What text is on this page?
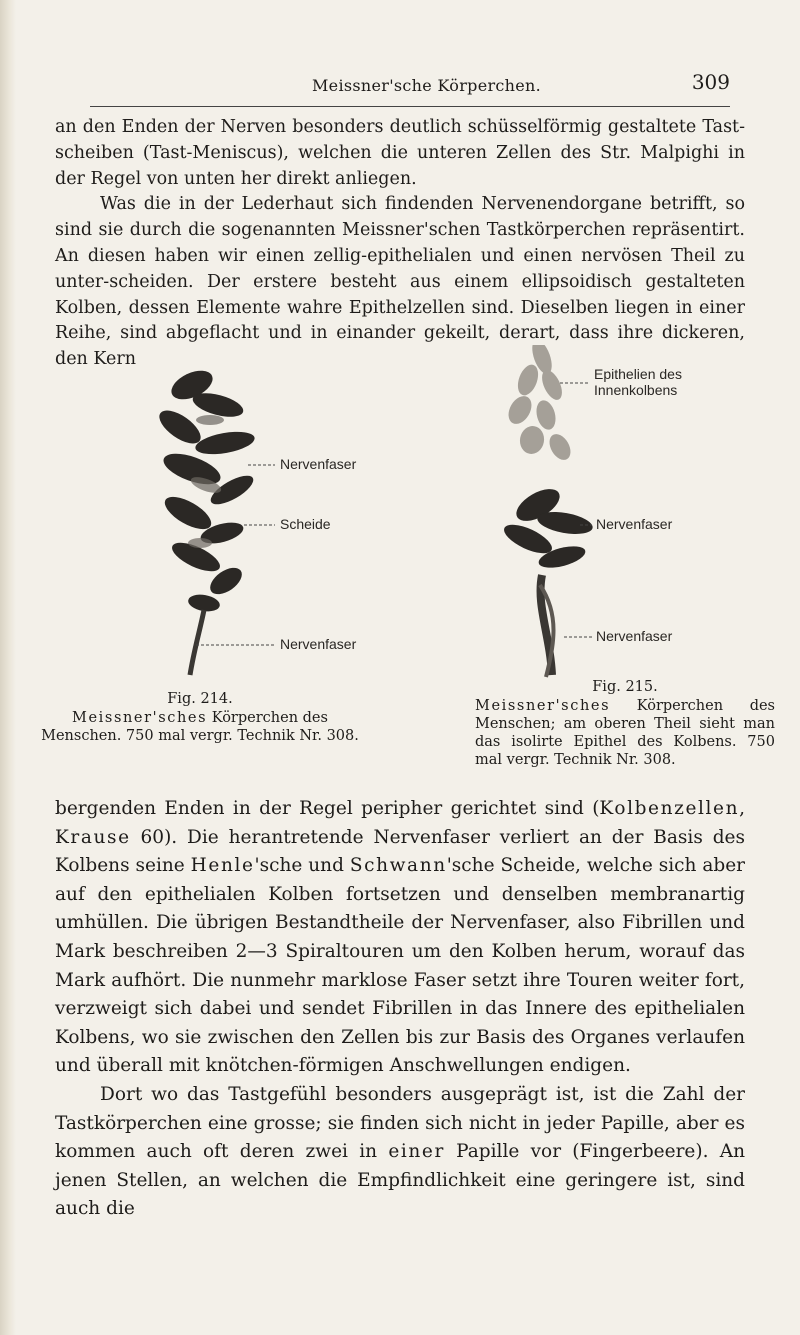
Meissner'sche Körperchen.	309

an den Enden der Nerven besonders deutlich schüsselförmig gestaltete Tast-scheiben (Tast-Meniscus), welchen die unteren Zellen des Str. Malpighi in der Regel von unten her direkt anliegen.

Was die in der Lederhaut sich findenden Nervenendorgane betrifft, so sind sie durch die sogenannten Meissner'schen Tastkörperchen repräsentirt. An diesen haben wir einen zellig-epithelialen und einen nervösen Theil zu unter-scheiden. Der erstere besteht aus einem ellipsoidisch gestalteten Kolben, dessen Elemente wahre Epithelzellen sind. Dieselben liegen in einer Reihe, sind abgeflacht und in einander gekeilt, derart, dass ihre dickeren, den Kern

Nervenfaser
Scheide
Nervenfaser
Fig. 214.
Meissner'sches Körperchen des Menschen. 750 mal vergr. Technik Nr. 308.
Epithelien des Innenkolbens
Nervenfaser
Nervenfaser
Fig. 215.
Meissner'sches Körperchen des Menschen; am oberen Theil sieht man das isolirte Epithel des Kolbens. 750 mal vergr. Technik Nr. 308.

bergenden Enden in der Regel peripher gerichtet sind (Kolbenzellen, Krause 60). Die herantretende Nervenfaser verliert an der Basis des Kolbens seine Henle'sche und Schwann'sche Scheide, welche sich aber auf den epithelialen Kolben fortsetzen und denselben membranartig umhüllen. Die übrigen Bestandtheile der Nervenfaser, also Fibrillen und Mark beschreiben 2—3 Spiraltouren um den Kolben herum, worauf das Mark aufhört. Die nunmehr marklose Faser setzt ihre Touren weiter fort, verzweigt sich dabei und sendet Fibrillen in das Innere des epithelialen Kolbens, wo sie zwischen den Zellen bis zur Basis des Organes verlaufen und überall mit knötchen-förmigen Anschwellungen endigen.

Dort wo das Tastgefühl besonders ausgeprägt ist, ist die Zahl der Tastkörperchen eine grosse; sie finden sich nicht in jeder Papille, aber es kommen auch oft deren zwei in einer Papille vor (Fingerbeere). An jenen Stellen, an welchen die Empfindlichkeit eine geringere ist, sind auch die
